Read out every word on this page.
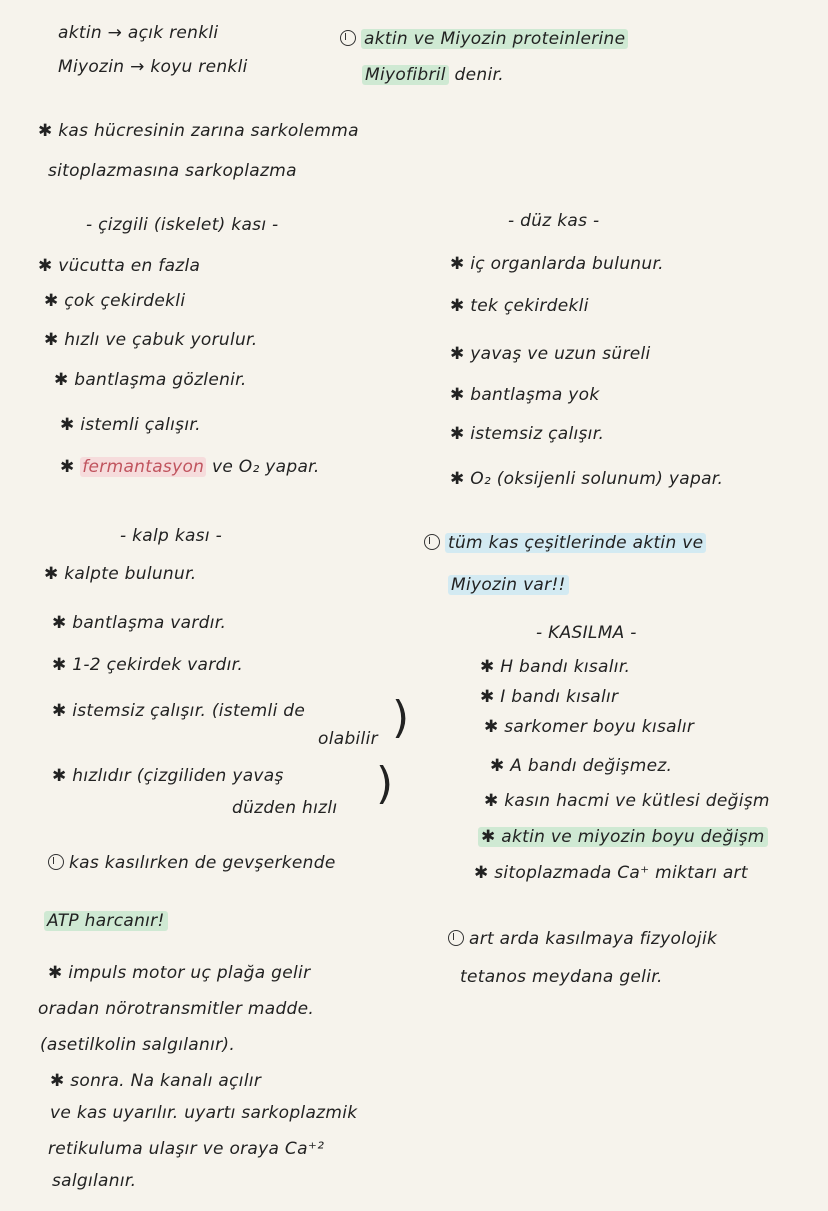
aktin → açık renkli
Miyozin → koyu renkli
aktin ve Miyozin proteinlerine
Miyofibril denir.
✱ kas hücresinin zarına sarkolemma
sitoplazmasına sarkoplazma
- çizgili (iskelet) kası -
✱ vücutta en fazla
✱ çok çekirdekli
✱ hızlı ve çabuk yorulur.
✱ bantlaşma gözlenir.
✱ istemli çalışır.
✱ fermantasyon ve O₂ yapar.
- düz kas -
✱ iç organlarda bulunur.
✱ tek çekirdekli
✱ yavaş ve uzun süreli
✱ bantlaşma yok
✱ istemsiz çalışır.
✱ O₂ (oksijenli solunum) yapar.
- kalp kası -
✱ kalpte bulunur.
✱ bantlaşma vardır.
✱ 1-2 çekirdek vardır.
✱ istemsiz çalışır. (istemli de
olabilir )
✱ hızlıdır (çizgiliden yavaş
düzden hızlı )
tüm kas çeşitlerinde aktin ve
Miyozin var!!
- KASILMA -
✱ H bandı kısalır.
✱ I bandı kısalır
✱ sarkomer boyu kısalır
✱ A bandı değişmez.
✱ kasın hacmi ve kütlesi değişm
✱ aktin ve miyozin boyu değişm
✱ sitoplazmada Ca⁺ miktarı art
kas kasılırken de gevşerkende
ATP harcanır!
art arda kasılmaya fizyolojik
tetanos meydana gelir.
✱ impuls motor uç plağa gelir
oradan nörotransmitler madde.
(asetilkolin salgılanır).
✱ sonra. Na kanalı açılır
ve kas uyarılır. uyartı sarkoplazmik
retikuluma ulaşır ve oraya Ca⁺²
salgılanır.
